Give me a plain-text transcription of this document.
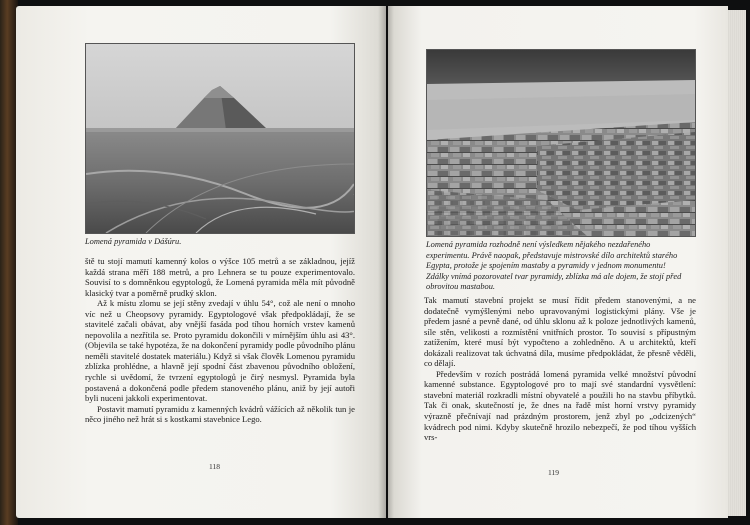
Lomená pyramida v Dášúru.

ště tu stojí mamutí kamenný kolos o výšce 105 metrů a se základnou, jejíž každá strana měří 188 metrů, a pro Lehnera se tu pouze experimentovalo. Souvisí to s domněnkou egyptologů, že Lomená pyramida měla mít původně klasický tvar a poměrně prudký sklon.

Až k místu zlomu se její stěny zvedají v úhlu 54°, což ale není o mnoho víc než u Cheopsovy pyramidy. Egyptologové však předpokládají, že se stavitelé začali obávat, aby vnější fasáda pod tíhou horních vrstev kamenů nepovolila a nezřítila se. Proto pyramidu dokončili v mírnějším úhlu asi 43°. (Objevila se také hypotéza, že na dokončení pyramidy podle původního plánu neměli stavitelé dostatek materiálu.) Když si však člověk Lomenou pyramidu zblízka prohlédne, a hlavně její spodní část zbavenou původního obložení, rychle si uvědomí, že tvrzení egyptologů je čirý nesmysl. Pyramida byla postavená a dokončená podle předem stanoveného plánu, aniž by její autoři byli nuceni jakkoli experimentovat.

Postavit mamutí pyramidu z kamenných kvádrů vážících až několik tun je něco jiného než hrát si s kostkami stavebnice Lego.

118

Lomená pyramida rozhodně není výsledkem nějakého nezdařeného experimentu. Právě naopak, představuje mistrovské dílo architektů starého Egypta, protože je spojením mastaby a pyramidy v jednom monumentu! Zdálky vnímá pozorovatel tvar pyramidy, zblízka má ale dojem, že stojí před obrovitou mastabou.

Tak mamutí stavební projekt se musí řídit předem stanovenými, a ne dodatečně vymýšlenými nebo upravovanými logistickými plány. Vše je předem jasné a pevně dané, od úhlu sklonu až k poloze jednotlivých kamenů, síle stěn, velikosti a rozmístění vnitřních prostor. To souvisí s přípustným zatížením, které musí být vypočteno a zohledněno. A u architektů, kteří dokázali realizovat tak úchvatná díla, musíme předpokládat, že přesně věděli, co dělají.

Především v rozích postrádá lomená pyramida velké množství původní kamenné substance. Egyptologové pro to mají své standardní vysvětlení: stavební materiál rozkradli místní obyvatelé a použili ho na stavbu příbytků. Tak či onak, skutečností je, že dnes na řadě míst horní vrstvy pyramidy výrazně přečnívají nad prázdným prostorem, jenž zbyl po „odcizených“ kvádrech pod nimi. Kdyby skutečně hrozilo nebezpečí, že pod tíhou vyšších vrs-

119
